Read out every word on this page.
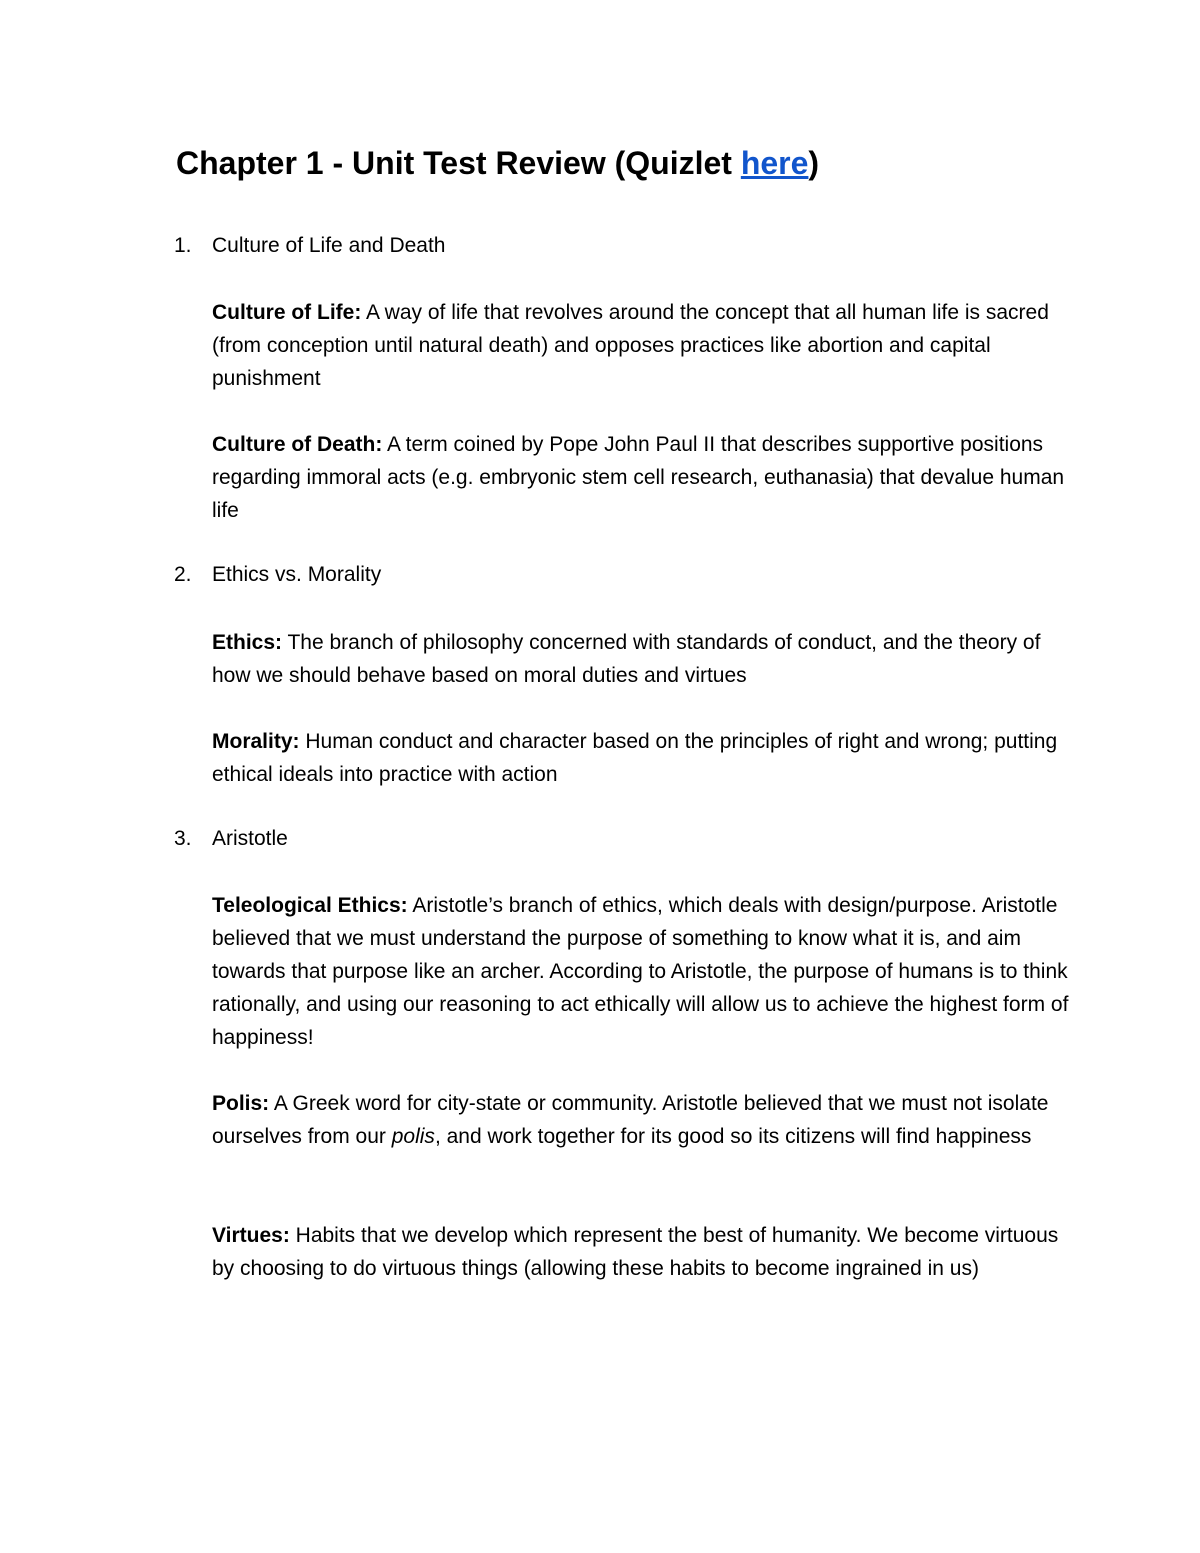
Chapter 1 - Unit Test Review (Quizlet here)
1. Culture of Life and Death

Culture of Life: A way of life that revolves around the concept that all human life is sacred (from conception until natural death) and opposes practices like abortion and capital punishment

Culture of Death: A term coined by Pope John Paul II that describes supportive positions regarding immoral acts (e.g. embryonic stem cell research, euthanasia) that devalue human life

2. Ethics vs. Morality

Ethics: The branch of philosophy concerned with standards of conduct, and the theory of how we should behave based on moral duties and virtues

Morality: Human conduct and character based on the principles of right and wrong; putting ethical ideals into practice with action

3. Aristotle

Teleological Ethics: Aristotle’s branch of ethics, which deals with design/purpose. Aristotle believed that we must understand the purpose of something to know what it is, and aim towards that purpose like an archer. According to Aristotle, the purpose of humans is to think rationally, and using our reasoning to act ethically will allow us to achieve the highest form of happiness!

Polis: A Greek word for city-state or community. Aristotle believed that we must not isolate ourselves from our polis, and work together for its good so its citizens will find happiness

Virtues: Habits that we develop which represent the best of humanity. We become virtuous by choosing to do virtuous things (allowing these habits to become ingrained in us)
